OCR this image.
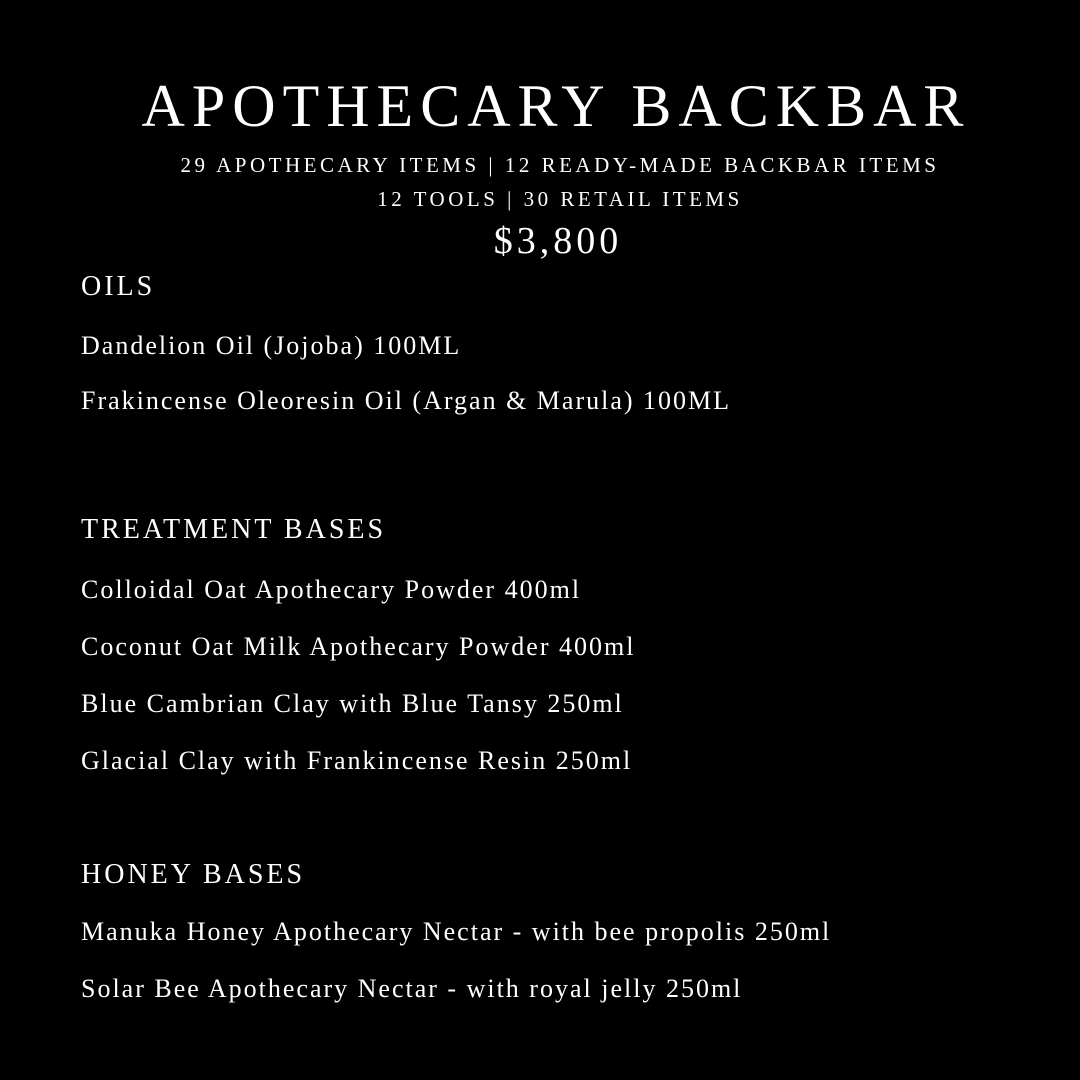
APOTHECARY BACKBAR
29 APOTHECARY ITEMS | 12 READY-MADE BACKBAR ITEMS
12 TOOLS | 30 RETAIL ITEMS
$3,800
OILS
Dandelion Oil (Jojoba) 100ML
Frakincense Oleoresin Oil (Argan & Marula) 100ML
TREATMENT BASES
Colloidal Oat Apothecary Powder 400ml
Coconut Oat Milk Apothecary Powder 400ml
Blue Cambrian Clay with Blue Tansy 250ml
Glacial Clay with Frankincense Resin 250ml
HONEY BASES
Manuka Honey Apothecary Nectar - with bee propolis 250ml
Solar Bee Apothecary Nectar - with royal jelly 250ml
